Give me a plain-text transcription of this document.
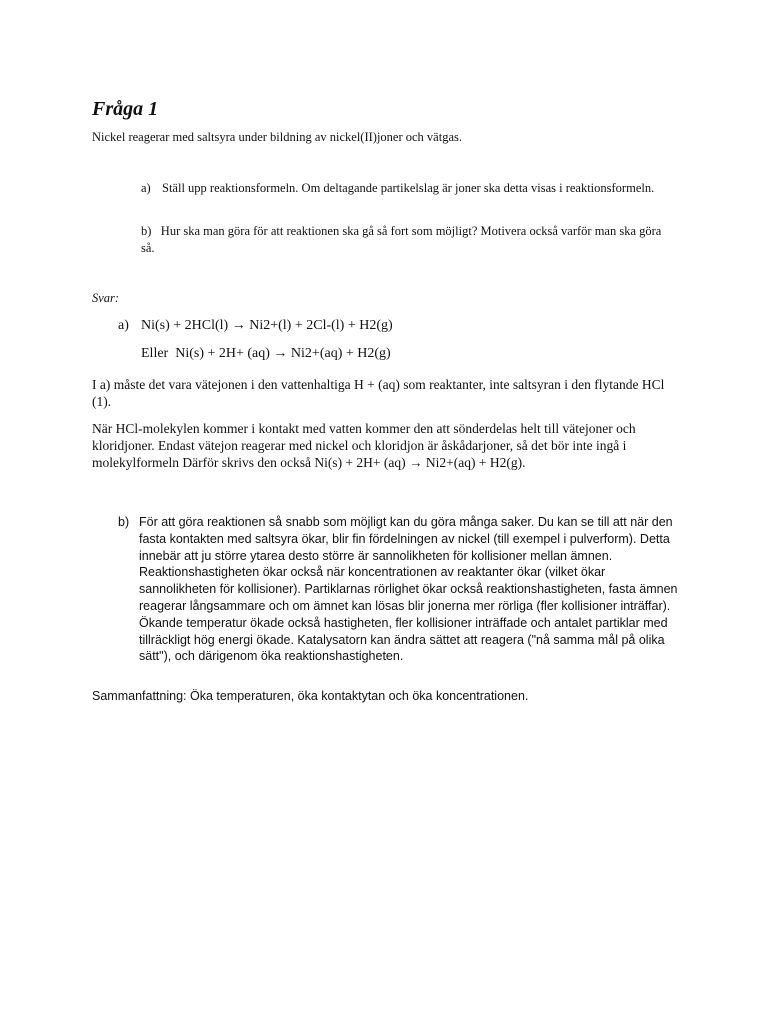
Fråga 1
Nickel reagerar med saltsyra under bildning av nickel(II)joner och vätgas.
a) Ställ upp reaktionsformeln. Om deltagande partikelslag är joner ska detta visas i reaktionsformeln.
b) Hur ska man göra för att reaktionen ska gå så fort som möjligt? Motivera också varför man ska göra så.
Svar:
a) Ni(s) + 2HCl(l) → Ni2+(l) + 2Cl-(l) + H2(g)
Eller  Ni(s) + 2H+ (aq) → Ni2+(aq) + H2(g)
I a) måste det vara vätejonen i den vattenhaltiga H + (aq) som reaktanter, inte saltsyran i den flytande HCl (1).
När HCl-molekylen kommer i kontakt med vatten kommer den att sönderdelas helt till vätejoner och kloridjoner. Endast vätejon reagerar med nickel och kloridjon är åskådarjoner, så det bör inte ingå i molekylformeln Därför skrivs den också Ni(s) + 2H+ (aq) → Ni2+(aq) + H2(g).
b) För att göra reaktionen så snabb som möjligt kan du göra många saker. Du kan se till att när den fasta kontakten med saltsyra ökar, blir fin fördelningen av nickel (till exempel i pulverform). Detta innebär att ju större ytarea desto större är sannolikheten för kollisioner mellan ämnen. Reaktionshastigheten ökar också när koncentrationen av reaktanter ökar (vilket ökar sannolikheten för kollisioner). Partiklarnas rörlighet ökar också reaktionshastigheten, fasta ämnen reagerar långsammare och om ämnet kan lösas blir jonerna mer rörliga (fler kollisioner inträffar). Ökande temperatur ökade också hastigheten, fler kollisioner inträffade och antalet partiklar med tillräckligt hög energi ökade. Katalysatorn kan ändra sättet att reagera ("nå samma mål på olika sätt"), och därigenom öka reaktionshastigheten.
Sammanfattning: Öka temperaturen, öka kontaktytan och öka koncentrationen.
